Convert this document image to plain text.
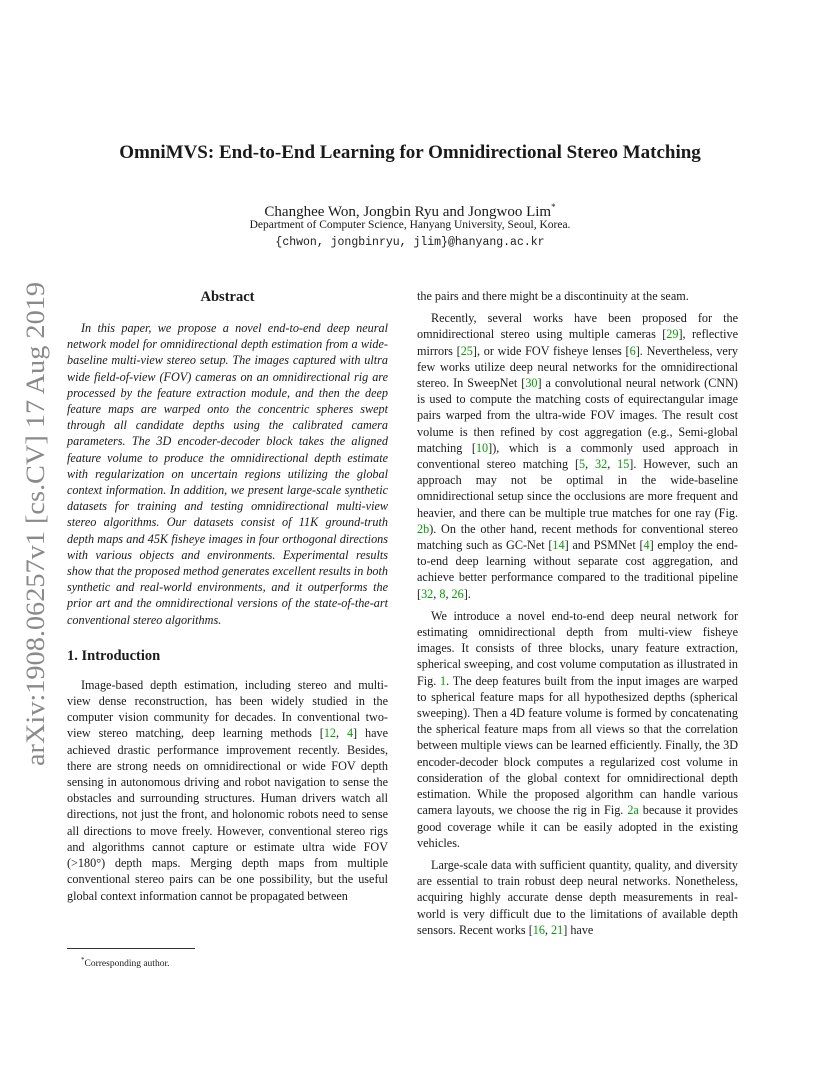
arXiv:1908.06257v1 [cs.CV] 17 Aug 2019
OmniMVS: End-to-End Learning for Omnidirectional Stereo Matching

Changhee Won, Jongbin Ryu and Jongwoo Lim*

Department of Computer Science, Hanyang University, Seoul, Korea.

{chwon, jongbinryu, jlim}@hanyang.ac.kr

Abstract

In this paper, we propose a novel end-to-end deep neural network model for omnidirectional depth estimation from a wide-baseline multi-view stereo setup. The images captured with ultra wide field-of-view (FOV) cameras on an omnidirectional rig are processed by the feature extraction module, and then the deep feature maps are warped onto the concentric spheres swept through all candidate depths using the calibrated camera parameters. The 3D encoder-decoder block takes the aligned feature volume to produce the omnidirectional depth estimate with regularization on uncertain regions utilizing the global context information. In addition, we present large-scale synthetic datasets for training and testing omnidirectional multi-view stereo algorithms. Our datasets consist of 11K ground-truth depth maps and 45K fisheye images in four orthogonal directions with various objects and environments. Experimental results show that the proposed method generates excellent results in both synthetic and real-world environments, and it outperforms the prior art and the omnidirectional versions of the state-of-the-art conventional stereo algorithms.

1. Introduction

Image-based depth estimation, including stereo and multi-view dense reconstruction, has been widely studied in the computer vision community for decades. In conventional two-view stereo matching, deep learning methods [12, 4] have achieved drastic performance improvement recently. Besides, there are strong needs on omnidirectional or wide FOV depth sensing in autonomous driving and robot navigation to sense the obstacles and surrounding structures. Human drivers watch all directions, not just the front, and holonomic robots need to sense all directions to move freely. However, conventional stereo rigs and algorithms cannot capture or estimate ultra wide FOV (>180°) depth maps. Merging depth maps from multiple conventional stereo pairs can be one possibility, but the useful global context information cannot be propagated between

the pairs and there might be a discontinuity at the seam.

Recently, several works have been proposed for the omnidirectional stereo using multiple cameras [29], reflective mirrors [25], or wide FOV fisheye lenses [6]. Nevertheless, very few works utilize deep neural networks for the omnidirectional stereo. In SweepNet [30] a convolutional neural network (CNN) is used to compute the matching costs of equirectangular image pairs warped from the ultra-wide FOV images. The result cost volume is then refined by cost aggregation (e.g., Semi-global matching [10]), which is a commonly used approach in conventional stereo matching [5, 32, 15]. However, such an approach may not be optimal in the wide-baseline omnidirectional setup since the occlusions are more frequent and heavier, and there can be multiple true matches for one ray (Fig. 2b). On the other hand, recent methods for conventional stereo matching such as GC-Net [14] and PSMNet [4] employ the end-to-end deep learning without separate cost aggregation, and achieve better performance compared to the traditional pipeline [32, 8, 26].

We introduce a novel end-to-end deep neural network for estimating omnidirectional depth from multi-view fisheye images. It consists of three blocks, unary feature extraction, spherical sweeping, and cost volume computation as illustrated in Fig. 1. The deep features built from the input images are warped to spherical feature maps for all hypothesized depths (spherical sweeping). Then a 4D feature volume is formed by concatenating the spherical feature maps from all views so that the correlation between multiple views can be learned efficiently. Finally, the 3D encoder-decoder block computes a regularized cost volume in consideration of the global context for omnidirectional depth estimation. While the proposed algorithm can handle various camera layouts, we choose the rig in Fig. 2a because it provides good coverage while it can be easily adopted in the existing vehicles.

Large-scale data with sufficient quantity, quality, and diversity are essential to train robust deep neural networks. Nonetheless, acquiring highly accurate dense depth measurements in real-world is very difficult due to the limitations of available depth sensors. Recent works [16, 21] have

*Corresponding author.
